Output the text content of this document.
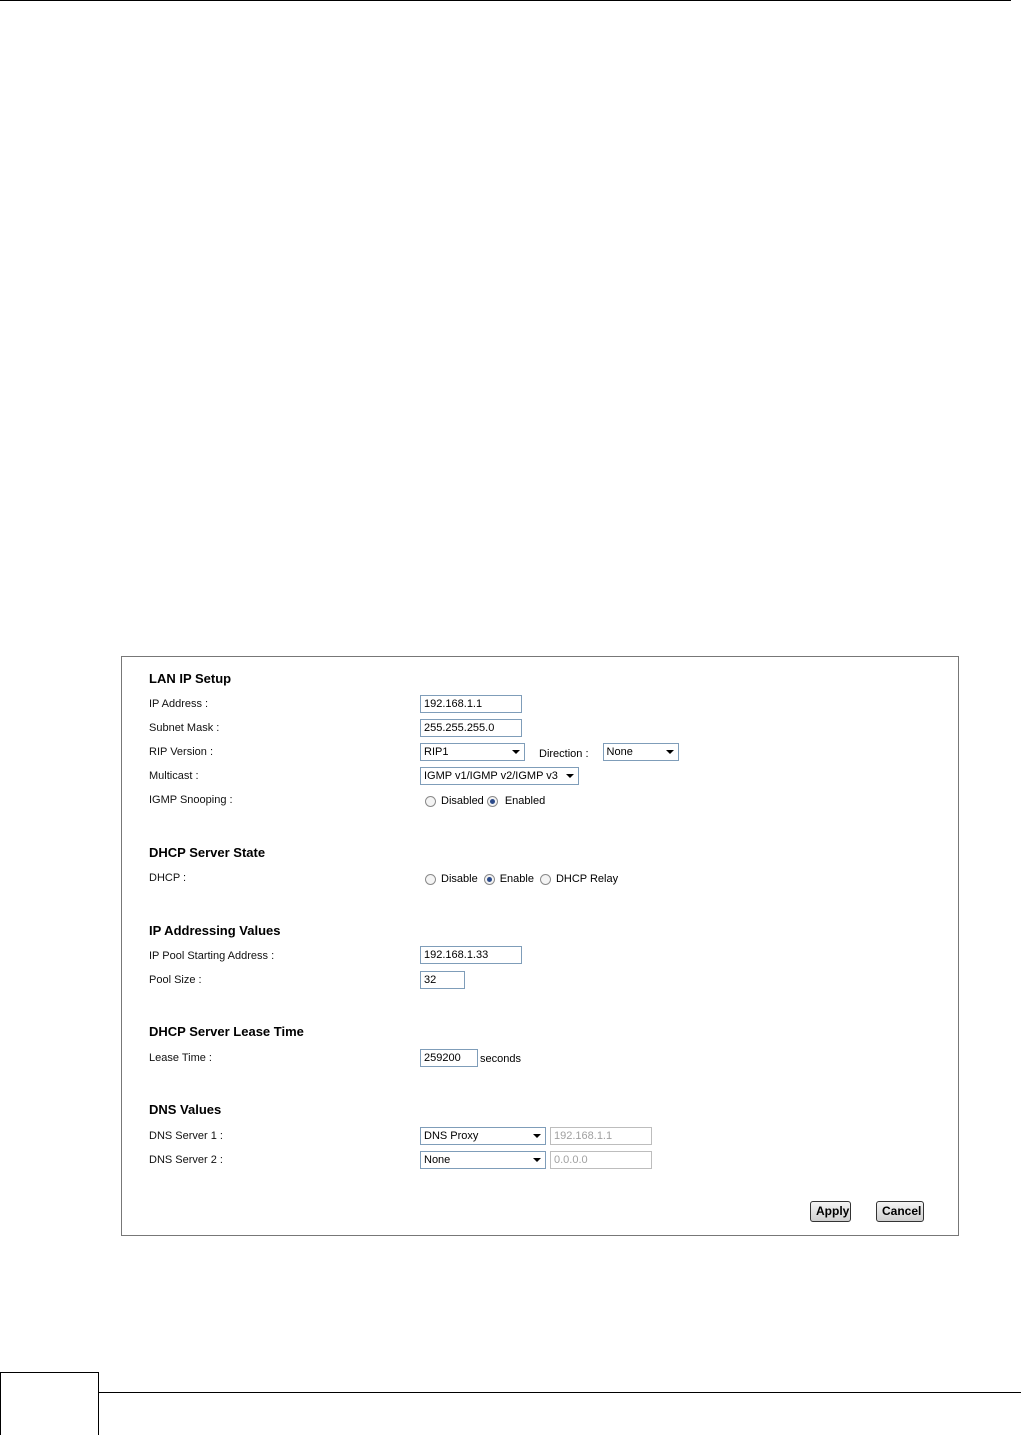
LAN IP Setup
IP Address :	192.168.1.1
Subnet Mask :	255.255.255.0
RIP Version :	RIP1	Direction :	None
Multicast :	IGMP v1/IGMP v2/IGMP v3
IGMP Snooping :	Disabled Enabled
DHCP Server State
DHCP :	Disable Enable DHCP Relay
IP Addressing Values
IP Pool Starting Address :	192.168.1.33
Pool Size :	32
DHCP Server Lease Time
Lease Time :	259200	seconds
DNS Values
DNS Server 1 :	DNS Proxy	192.168.1.1
DNS Server 2 :	None	0.0.0.0
Apply	Cancel
